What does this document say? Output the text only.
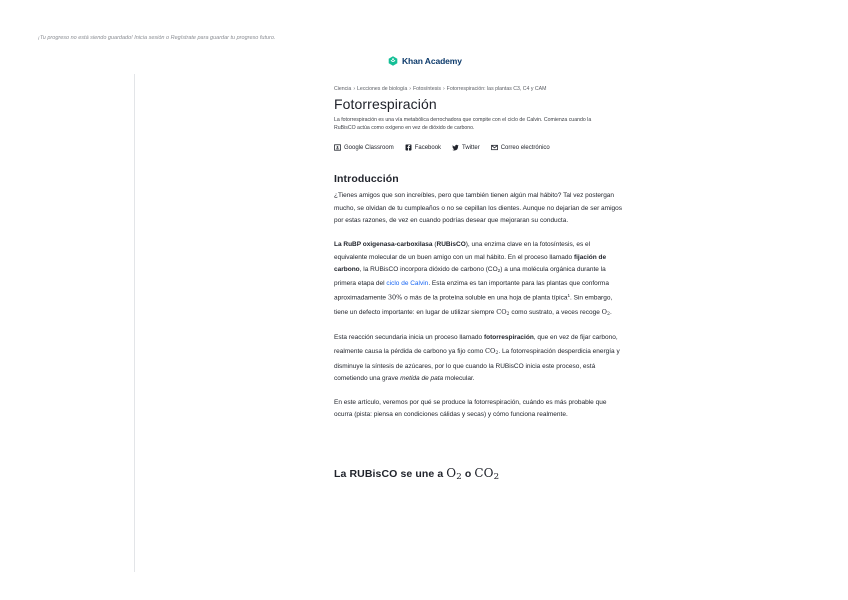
¡Tu progreso no está siendo guardado! Inicia sesión o Regístrate para guardar tu progreso futuro.
Khan Academy
Ciencia › Lecciones de biología › Fotosíntesis › Fotorrespiración: las plantas C3, C4 y CAM
Fotorrespiración
La fotorrespiración es una vía metabólica derrochadora que compite con el ciclo de Calvin. Comienza cuando la RuBisCO actúa como oxígeno en vez de dióxido de carbono.
Google Classroom	Facebook	Twitter	Correo electrónico
Introducción

¿Tienes amigos que son increíbles, pero que también tienen algún mal hábito? Tal vez postergan mucho, se olvidan de tu cumpleaños o no se cepillan los dientes. Aunque no dejarían de ser amigos por estas razones, de vez en cuando podrías desear que mejoraran su conducta.

La RuBP oxigenasa-carboxilasa (RUBisCO), una enzima clave en la fotosíntesis, es el equivalente molecular de un buen amigo con un mal hábito. En el proceso llamado fijación de carbono, la RUBisCO incorpora dióxido de carbono $(CO_2)$ a una molécula orgánica durante la primera etapa del ciclo de Calvin. Esta enzima es tan importante para las plantas que conforma aproximadamente 30% o más de la proteína soluble en una hoja de planta típica$^1$. Sin embargo, tiene un defecto importante: en lugar de utilizar siempre $CO_2$ como sustrato, a veces recoge $O_2$.

Esta reacción secundaria inicia un proceso llamado fotorrespiración, que en vez de fijar carbono, realmente causa la pérdida de carbono ya fijo como $CO_2$. La fotorrespiración desperdicia energía y disminuye la síntesis de azúcares, por lo que cuando la RUBisCO inicia este proceso, está cometiendo una grave metida de pata molecular.

En este artículo, veremos por qué se produce la fotorrespiración, cuándo es más probable que ocurra (pista: piensa en condiciones cálidas y secas) y cómo funciona realmente.

La RUBisCO se une a $O_2$ o $CO_2$
